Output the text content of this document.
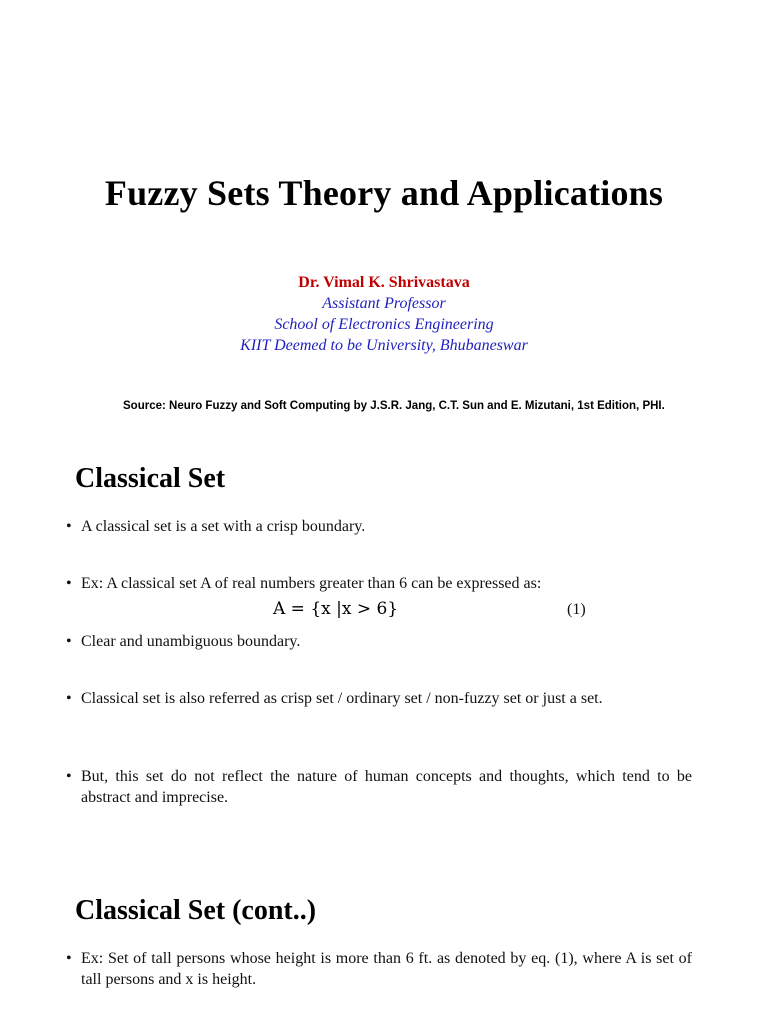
Fuzzy Sets Theory and Applications
Dr. Vimal K. Shrivastava
Assistant Professor
School of Electronics Engineering
KIIT Deemed to be University, Bhubaneswar
Source: Neuro Fuzzy and Soft Computing by J.S.R. Jang, C.T. Sun and E. Mizutani, 1st Edition, PHI.
Classical Set
• A classical set is a set with a crisp boundary.
• Ex: A classical set A of real numbers greater than 6 can be expressed as:
A = {x |x > 6}	(1)
• Clear and unambiguous boundary.
• Classical set is also referred as crisp set / ordinary set / non-fuzzy set or just a set.
• But, this set do not reflect the nature of human concepts and thoughts, which tend to be abstract and imprecise.
Classical Set (cont..)
• Ex: Set of tall persons whose height is more than 6 ft. as denoted by eq. (1), where A is set of tall persons and x is height.
